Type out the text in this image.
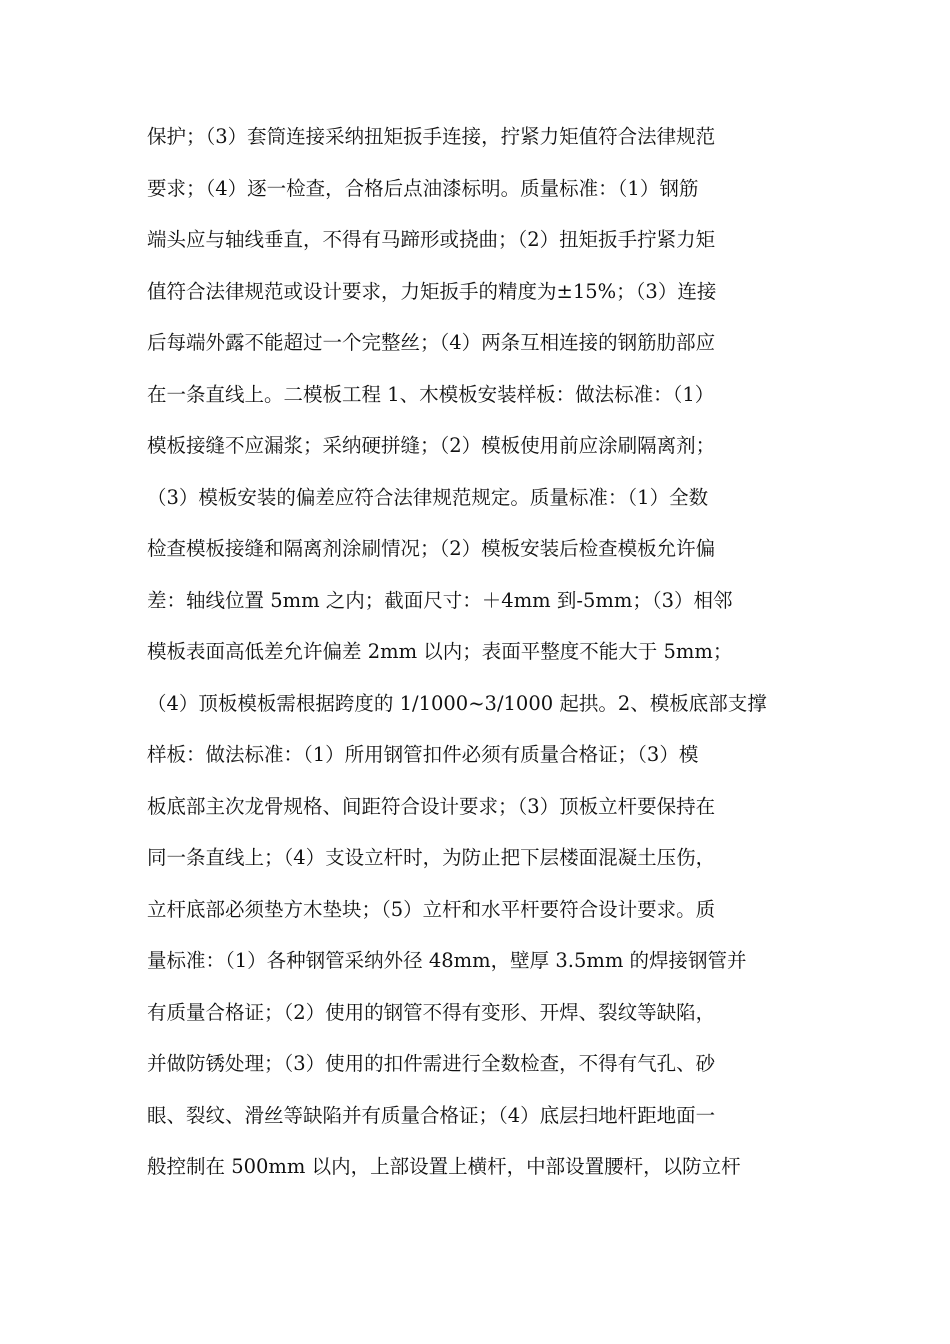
保护；（3）套筒连接采纳扭矩扳手连接，拧紧力矩值符合法律规范
要求；（4）逐一检查，合格后点油漆标明。质量标准：（1）钢筋
端头应与轴线垂直，不得有马蹄形或挠曲；（2）扭矩扳手拧紧力矩
值符合法律规范或设计要求，力矩扳手的精度为±15%；（3）连接
后每端外露不能超过一个完整丝；（4）两条互相连接的钢筋肋部应
在一条直线上。二模板工程 1、木模板安装样板：做法标准：（1）
模板接缝不应漏浆；采纳硬拼缝；（2）模板使用前应涂刷隔离剂；
（3）模板安装的偏差应符合法律规范规定。质量标准：（1）全数
检查模板接缝和隔离剂涂刷情况；（2）模板安装后检查模板允许偏
差：轴线位置 5mm 之内；截面尺寸：＋4mm 到-5mm；（3）相邻
模板表面高低差允许偏差 2mm 以内；表面平整度不能大于 5mm；
（4）顶板模板需根据跨度的 1/1000~3/1000 起拱。2、模板底部支撑
样板：做法标准：（1）所用钢管扣件必须有质量合格证；（3）模
板底部主次龙骨规格、间距符合设计要求；（3）顶板立杆要保持在
同一条直线上；（4）支设立杆时，为防止把下层楼面混凝土压伤，
立杆底部必须垫方木垫块；（5）立杆和水平杆要符合设计要求。质
量标准：（1）各种钢管采纳外径 48mm，壁厚 3.5mm 的焊接钢管并
有质量合格证；（2）使用的钢管不得有变形、开焊、裂纹等缺陷，
并做防锈处理；（3）使用的扣件需进行全数检查，不得有气孔、砂
眼、裂纹、滑丝等缺陷并有质量合格证；（4）底层扫地杆距地面一
般控制在 500mm 以内，上部设置上横杆，中部设置腰杆，以防立杆
